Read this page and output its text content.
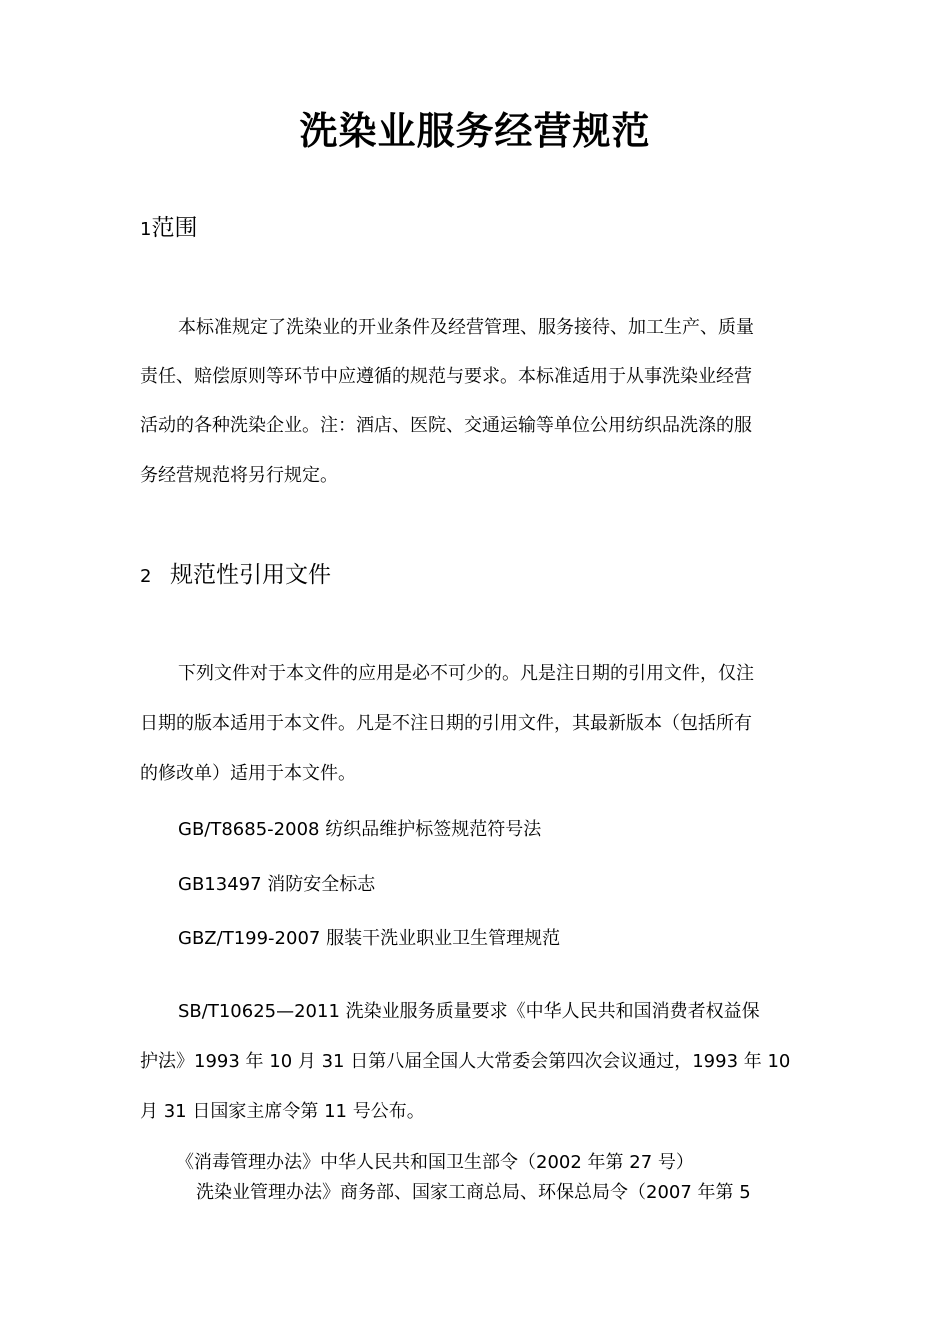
洗染业服务经营规范
1范围
本标准规定了洗染业的开业条件及经营管理、服务接待、加工生产、质量
责任、赔偿原则等环节中应遵循的规范与要求。本标准适用于从事洗染业经营
活动的各种洗染企业。注：酒店、医院、交通运输等单位公用纺织品洗涤的服
务经营规范将另行规定。
2 规范性引用文件
下列文件对于本文件的应用是必不可少的。凡是注日期的引用文件，仅注
日期的版本适用于本文件。凡是不注日期的引用文件，其最新版本（包括所有
的修改单）适用于本文件。
GB/T8685-2008 纺织品维护标签规范符号法
GB13497 消防安全标志
GBZ/T199-2007 服装干洗业职业卫生管理规范
SB/T10625—2011 洗染业服务质量要求《中华人民共和国消费者权益保
护法》1993 年 10 月 31 日第八届全国人大常委会第四次会议通过，1993 年 10
月 31 日国家主席令第 11 号公布。
《消毒管理办法》中华人民共和国卫生部令（2002 年第 27 号）
洗染业管理办法》商务部、国家工商总局、环保总局令（2007 年第 5
